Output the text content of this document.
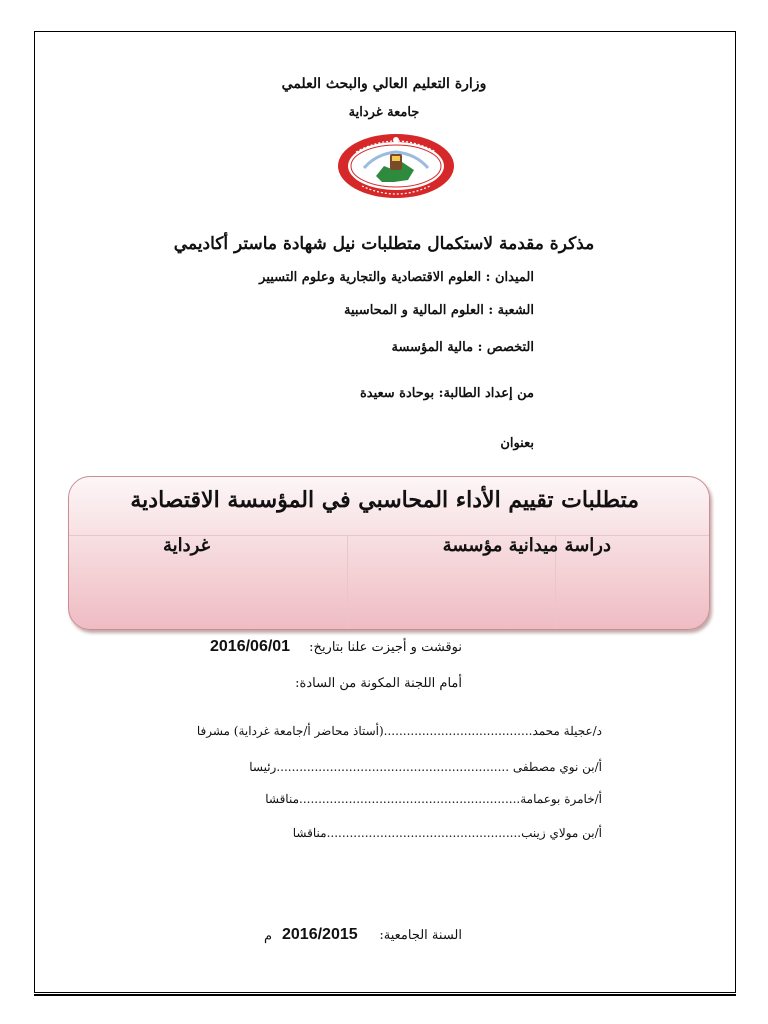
وزارة التعليم العالي والبحث العلمي
جامعة غرداية
مذكرة مقدمة لاستكمال متطلبات نيل شهادة ماستر أكاديمي
الميدان : العلوم الاقتصادية والتجارية وعلوم التسيير
الشعبة : العلوم المالية و المحاسبية
التخصص : مالية المؤسسة
من إعداد الطالبة: بوحادة سعيدة
بعنوان
متطلبات تقييم الأداء المحاسبي في المؤسسة الاقتصادية
دراسة ميدانية مؤسسة
غرداية
نوقشت و أجيزت علنا بتاريخ:
2016/06/01
أمام اللجنة المكونة من السادة:
د/عجيلة محمد.......................................(أستاذ محاضر أ/جامعة غرداية) مشرفا
أ/بن نوي مصطفى .............................................................رئيسا
أ/خامرة بوعمامة..........................................................مناقشا
أ/بن مولاي زينب...................................................مناقشا
السنة الجامعية:
2016/2015
م
